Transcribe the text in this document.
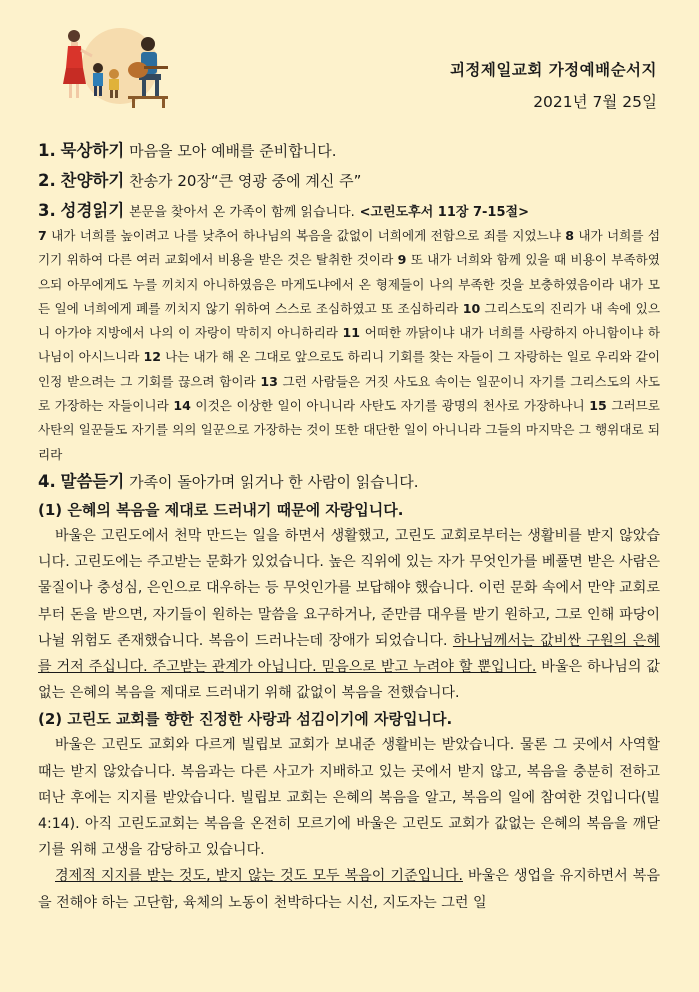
괴정제일교회 가정예배순서지
2021년 7월 25일
1. 묵상하기 마음을 모아 예배를 준비합니다.
2. 찬양하기 찬송가 20장“큰 영광 중에 계신 주”
3. 성경읽기 본문을 찾아서 온 가족이 함께 읽습니다. <고린도후서 11장 7-15절>
7 내가 너희를 높이려고 나를 낮추어 하나님의 복음을 값없이 너희에게 전함으로 죄를 지었느냐 8 내가 너희를 섬기기 위하여 다른 여러 교회에서 비용을 받은 것은 탈취한 것이라 9 또 내가 너희와 함께 있을 때 비용이 부족하였으되 아무에게도 누를 끼치지 아니하였음은 마게도냐에서 온 형제들이 나의 부족한 것을 보충하였음이라 내가 모든 일에 너희에게 폐를 끼치지 않기 위하여 스스로 조심하였고 또 조심하리라 10 그리스도의 진리가 내 속에 있으니 아가야 지방에서 나의 이 자랑이 막히지 아니하리라 11 어떠한 까닭이냐 내가 너희를 사랑하지 아니함이냐 하나님이 아시느니라 12 나는 내가 해 온 그대로 앞으로도 하리니 기회를 찾는 자들이 그 자랑하는 일로 우리와 같이 인정 받으려는 그 기회를 끊으려 함이라 13 그런 사람들은 거짓 사도요 속이는 일꾼이니 자기를 그리스도의 사도로 가장하는 자들이니라 14 이것은 이상한 일이 아니니라 사탄도 자기를 광명의 천사로 가장하나니 15 그러므로 사탄의 일꾼들도 자기를 의의 일꾼으로 가장하는 것이 또한 대단한 일이 아니니라 그들의 마지막은 그 행위대로 되리라
4. 말씀듣기 가족이 돌아가며 읽거나 한 사람이 읽습니다.
(1) 은혜의 복음을 제대로 드러내기 때문에 자랑입니다.
바울은 고린도에서 천막 만드는 일을 하면서 생활했고, 고린도 교회로부터는 생활비를 받지 않았습니다. 고린도에는 주고받는 문화가 있었습니다. 높은 직위에 있는 자가 무엇인가를 베풀면 받은 사람은 물질이나 충성심, 은인으로 대우하는 등 무엇인가를 보답해야 했습니다. 이런 문화 속에서 만약 교회로부터 돈을 받으면, 자기들이 원하는 말씀을 요구하거나, 준만큼 대우를 받기 원하고, 그로 인해 파당이 나뉠 위험도 존재했습니다. 복음이 드러나는데 장애가 되었습니다. 하나님께서는 값비싼 구원의 은혜를 거저 주십니다. 주고받는 관계가 아닙니다. 믿음으로 받고 누려야 할 뿐입니다. 바울은 하나님의 값없는 은혜의 복음을 제대로 드러내기 위해 값없이 복음을 전했습니다.
(2) 고린도 교회를 향한 진정한 사랑과 섬김이기에 자랑입니다.
바울은 고린도 교회와 다르게 빌립보 교회가 보내준 생활비는 받았습니다. 물론 그 곳에서 사역할 때는 받지 않았습니다. 복음과는 다른 사고가 지배하고 있는 곳에서 받지 않고, 복음을 충분히 전하고 떠난 후에는 지지를 받았습니다. 빌립보 교회는 은혜의 복음을 알고, 복음의 일에 참여한 것입니다(빌4:14). 아직 고린도교회는 복음을 온전히 모르기에 바울은 고린도 교회가 값없는 은혜의 복음을 깨닫기를 위해 고생을 감당하고 있습니다.
경제적 지지를 받는 것도, 받지 않는 것도 모두 복음이 기준입니다. 바울은 생업을 유지하면서 복음을 전해야 하는 고단함, 육체의 노동이 천박하다는 시선, 지도자는 그런 일
